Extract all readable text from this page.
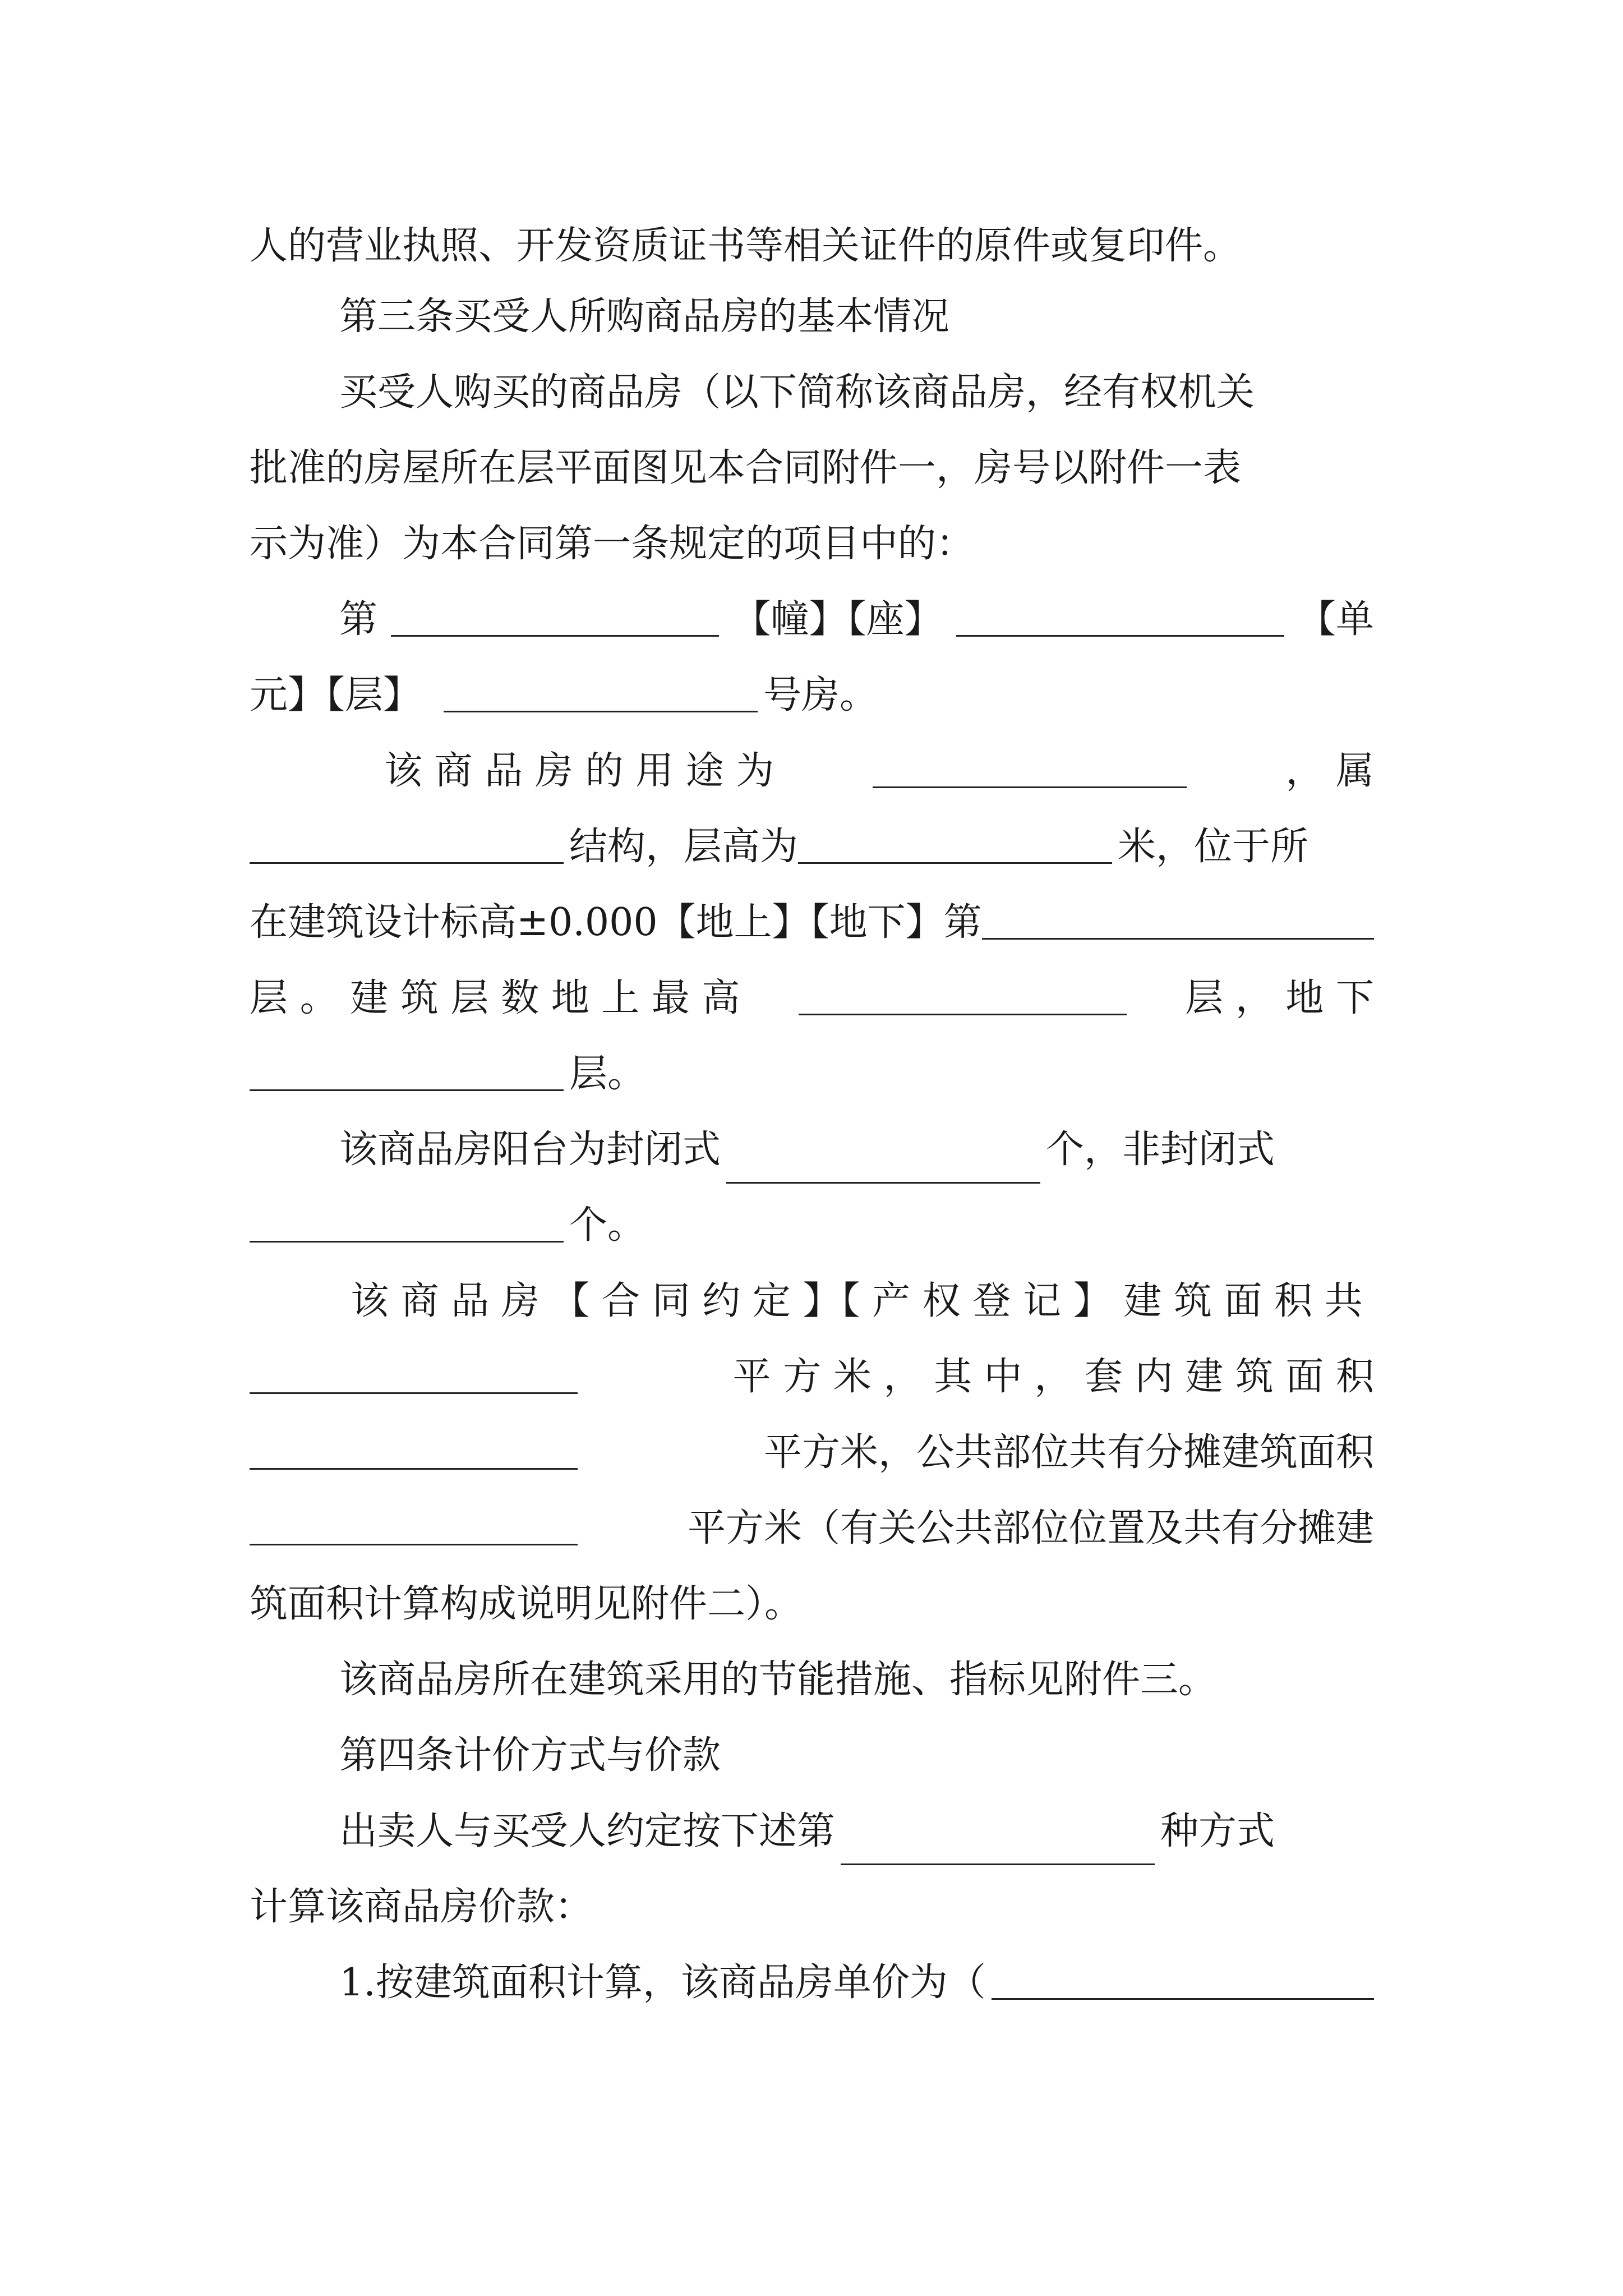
人的营业执照、开发资质证书等相关证件的原件或复印件。
第三条买受人所购商品房的基本情况
买受人购买的商品房（以下简称该商品房，经有权机关
批准的房屋所在层平面图见本合同附件一，房号以附件一表
示为准）为本合同第一条规定的项目中的：
第	【幢】【座】	【单
元】【层】	号房。
该 商 品 房 的 用 途 为	， 属
结构，层高为	米，位于所
在建筑设计标高±0.000【地上】【地下】第
层 。 建 筑 层 数 地 上 最 高	层 ， 地 下
层。
该商品房阳台为封闭式	个，非封闭式
个。
该 商 品 房 【 合 同 约 定 】【 产 权 登 记 】 建 筑 面 积 共
平 方 米 ， 其 中 ， 套 内 建 筑 面 积
平方米，公共部位共有分摊建筑面积
平方米（有关公共部位位置及共有分摊建
筑面积计算构成说明见附件二）。
该商品房所在建筑采用的节能措施、指标见附件三。
第四条计价方式与价款
出卖人与买受人约定按下述第	种方式
计算该商品房价款：
1.按建筑面积计算，该商品房单价为（
